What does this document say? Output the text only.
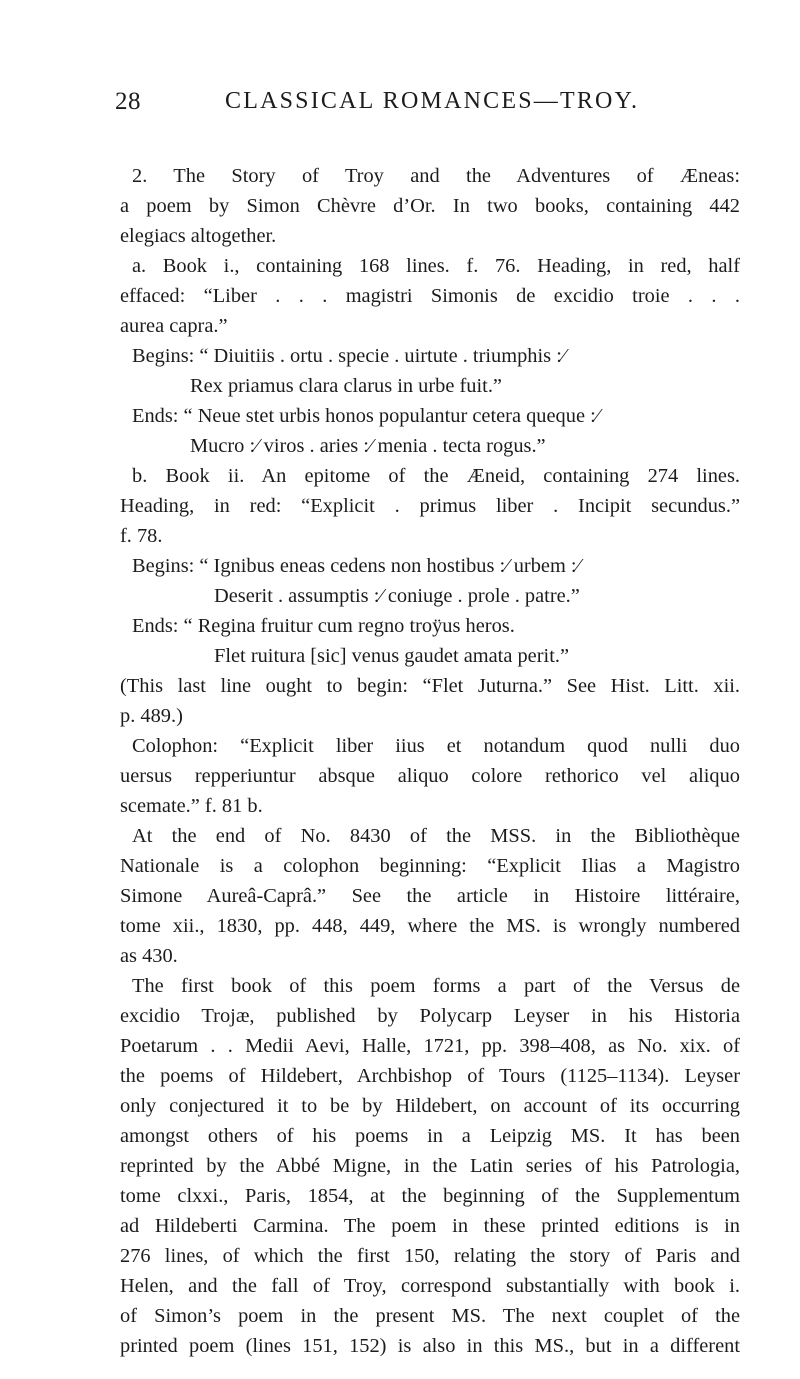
28	CLASSICAL ROMANCES—TROY.
2. The Story of Troy and the Adventures of Æneas:
a poem by Simon Chèvre d’Or. In two books, containing 442
elegiacs altogether.
a. Book i., containing 168 lines. f. 76. Heading, in red, half
effaced: “Liber . . . magistri Simonis de excidio troie . . .
aurea capra.”
Begins: “ Diuitiis . ortu . specie . uirtute . triumphis :⁄
Rex priamus clara clarus in urbe fuit.”
Ends: “ Neue stet urbis honos populantur cetera queque :⁄
Mucro :⁄ viros . aries :⁄ menia . tecta rogus.”
b. Book ii. An epitome of the Æneid, containing 274 lines.
Heading, in red: “Explicit . primus liber . Incipit secundus.”
f. 78.
Begins: “ Ignibus eneas cedens non hostibus :⁄ urbem :⁄
Deserit . assumptis :⁄ coniuge . prole . patre.”
Ends: “ Regina fruitur cum regno troÿus heros.
Flet ruitura [sic] venus gaudet amata perit.”
(This last line ought to begin: “Flet Juturna.” See Hist. Litt. xii.
p. 489.)
Colophon: “Explicit liber iius et notandum quod nulli duo
uersus repperiuntur absque aliquo colore rethorico vel aliquo
scemate.” f. 81 b.
At the end of No. 8430 of the MSS. in the Bibliothèque
Nationale is a colophon beginning: “Explicit Ilias a Magistro
Simone Aureâ-Caprâ.” See the article in Histoire littéraire,
tome xii., 1830, pp. 448, 449, where the MS. is wrongly numbered
as 430.
The first book of this poem forms a part of the Versus de
excidio Trojæ, published by Polycarp Leyser in his Historia
Poetarum . . Medii Aevi, Halle, 1721, pp. 398–408, as No. xix. of
the poems of Hildebert, Archbishop of Tours (1125–1134). Leyser
only conjectured it to be by Hildebert, on account of its occurring
amongst others of his poems in a Leipzig MS. It has been
reprinted by the Abbé Migne, in the Latin series of his Patrologia,
tome clxxi., Paris, 1854, at the beginning of the Supplementum
ad Hildeberti Carmina. The poem in these printed editions is in
276 lines, of which the first 150, relating the story of Paris and
Helen, and the fall of Troy, correspond substantially with book i.
of Simon’s poem in the present MS. The next couplet of the
printed poem (lines 151, 152) is also in this MS., but in a different
